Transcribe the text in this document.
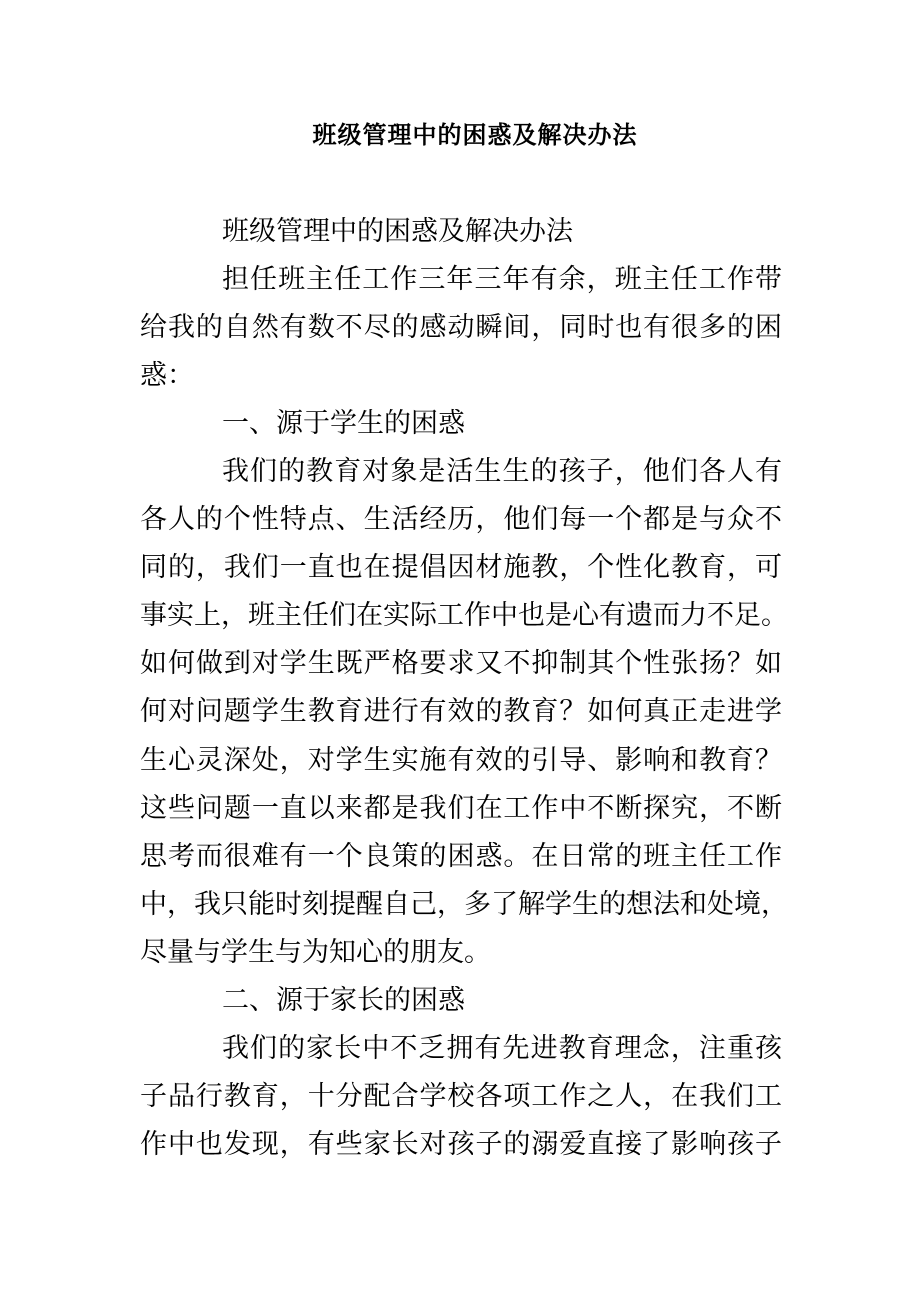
班级管理中的困惑及解决办法
班级管理中的困惑及解决办法
担任班主任工作三年三年有余，班主任工作带
给我的自然有数不尽的感动瞬间，同时也有很多的困
惑：
一、源于学生的困惑
我们的教育对象是活生生的孩子，他们各人有
各人的个性特点、生活经历，他们每一个都是与众不
同的，我们一直也在提倡因材施教，个性化教育，可
事实上，班主任们在实际工作中也是心有遗而力不足。
如何做到对学生既严格要求又不抑制其个性张扬？如
何对问题学生教育进行有效的教育？如何真正走进学
生心灵深处，对学生实施有效的引导、影响和教育？
这些问题一直以来都是我们在工作中不断探究，不断
思考而很难有一个良策的困惑。在日常的班主任工作
中，我只能时刻提醒自己，多了解学生的想法和处境，
尽量与学生与为知心的朋友。
二、源于家长的困惑
我们的家长中不乏拥有先进教育理念，注重孩
子品行教育，十分配合学校各项工作之人，在我们工
作中也发现，有些家长对孩子的溺爱直接了影响孩子
